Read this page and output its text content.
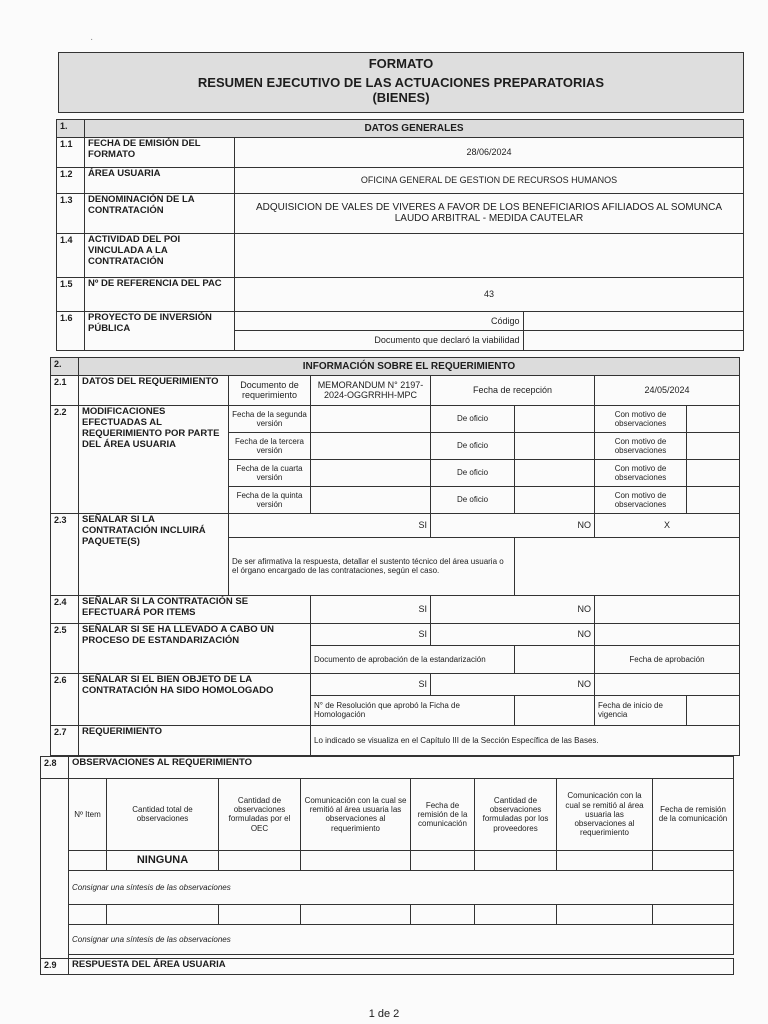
·
FORMATO
RESUMEN EJECUTIVO DE LAS ACTUACIONES PREPARATORIAS
(BIENES)
1.	DATOS GENERALES
1.1	FECHA DE EMISIÓN DEL FORMATO	28/06/2024
1.2	ÁREA USUARIA	OFICINA GENERAL DE GESTION DE RECURSOS HUMANOS
1.3	DENOMINACIÓN DE LA CONTRATACIÓN	ADQUISICION DE VALES DE VIVERES A FAVOR DE LOS BENEFICIARIOS AFILIADOS AL SOMUNCA LAUDO ARBITRAL - MEDIDA CAUTELAR
1.4	ACTIVIDAD DEL POI VINCULADA A LA CONTRATACIÓN	
1.5	Nº DE REFERENCIA DEL PAC	43
1.6	PROYECTO DE INVERSIÓN PÚBLICA	
Código	
Documento que declaró la viabilidad	
2.	INFORMACIÓN SOBRE EL REQUERIMIENTO						
2.1	DATOS DEL REQUERIMIENTO	Documento de requerimiento	MEMORANDUM N° 2197-2024-OGGRRHH-MPC	Fecha de recepción		24/05/2024	
2.2	MODIFICACIONES EFECTUADAS AL REQUERIMIENTO POR PARTE DEL ÁREA USUARIA	Fecha de la segunda versión		De oficio		Con motivo de observaciones	
		Fecha de la tercera versión		De oficio		Con motivo de observaciones	
		Fecha de la cuarta versión		De oficio		Con motivo de observaciones	
		Fecha de la quinta versión		De oficio		Con motivo de observaciones	
2.3	SEÑALAR SI LA CONTRATACIÓN INCLUIRÁ PAQUETE(S)	SI		NO		X	
		De ser afirmativa la respuesta, detallar el sustento técnico del área usuaria o el órgano encargado de las contrataciones, según el caso.					
2.4	SEÑALAR SI LA CONTRATACIÓN SE EFECTUARÁ POR ITEMS		SI	NO			
2.5	SEÑALAR SI SE HA LLEVADO A CABO UN PROCESO DE ESTANDARIZACIÓN		SI	NO			
			Documento de aprobación de la estandarización			Fecha de aprobación	
2.6	SEÑALAR SI EL BIEN OBJETO DE LA CONTRATACIÓN HA SIDO HOMOLOGADO		SI	NO			
			N° de Resolución que aprobó la Ficha de Homologación			Fecha de inicio de vigencia	
2.7	REQUERIMIENTO		Lo indicado se visualiza en el Capítulo III de la Sección Específica de las Bases.				
2.8	OBSERVACIONES AL REQUERIMIENTO							
	Nº Item	Cantidad total de observaciones	Cantidad de observaciones formuladas por el OEC	Comunicación con la cual se remitió al área usuaria las observaciones al requerimiento	Fecha de remisión de la comunicación	Cantidad de observaciones formuladas por los proveedores	Comunicación con la cual se remitió al área usuaria las observaciones al requerimiento	Fecha de remisión de la comunicación
		NINGUNA						
	Consignar una síntesis de las observaciones							

	Consignar una síntesis de las observaciones							

2.9	RESPUESTA DEL ÁREA USUARIA							
1 de 2
